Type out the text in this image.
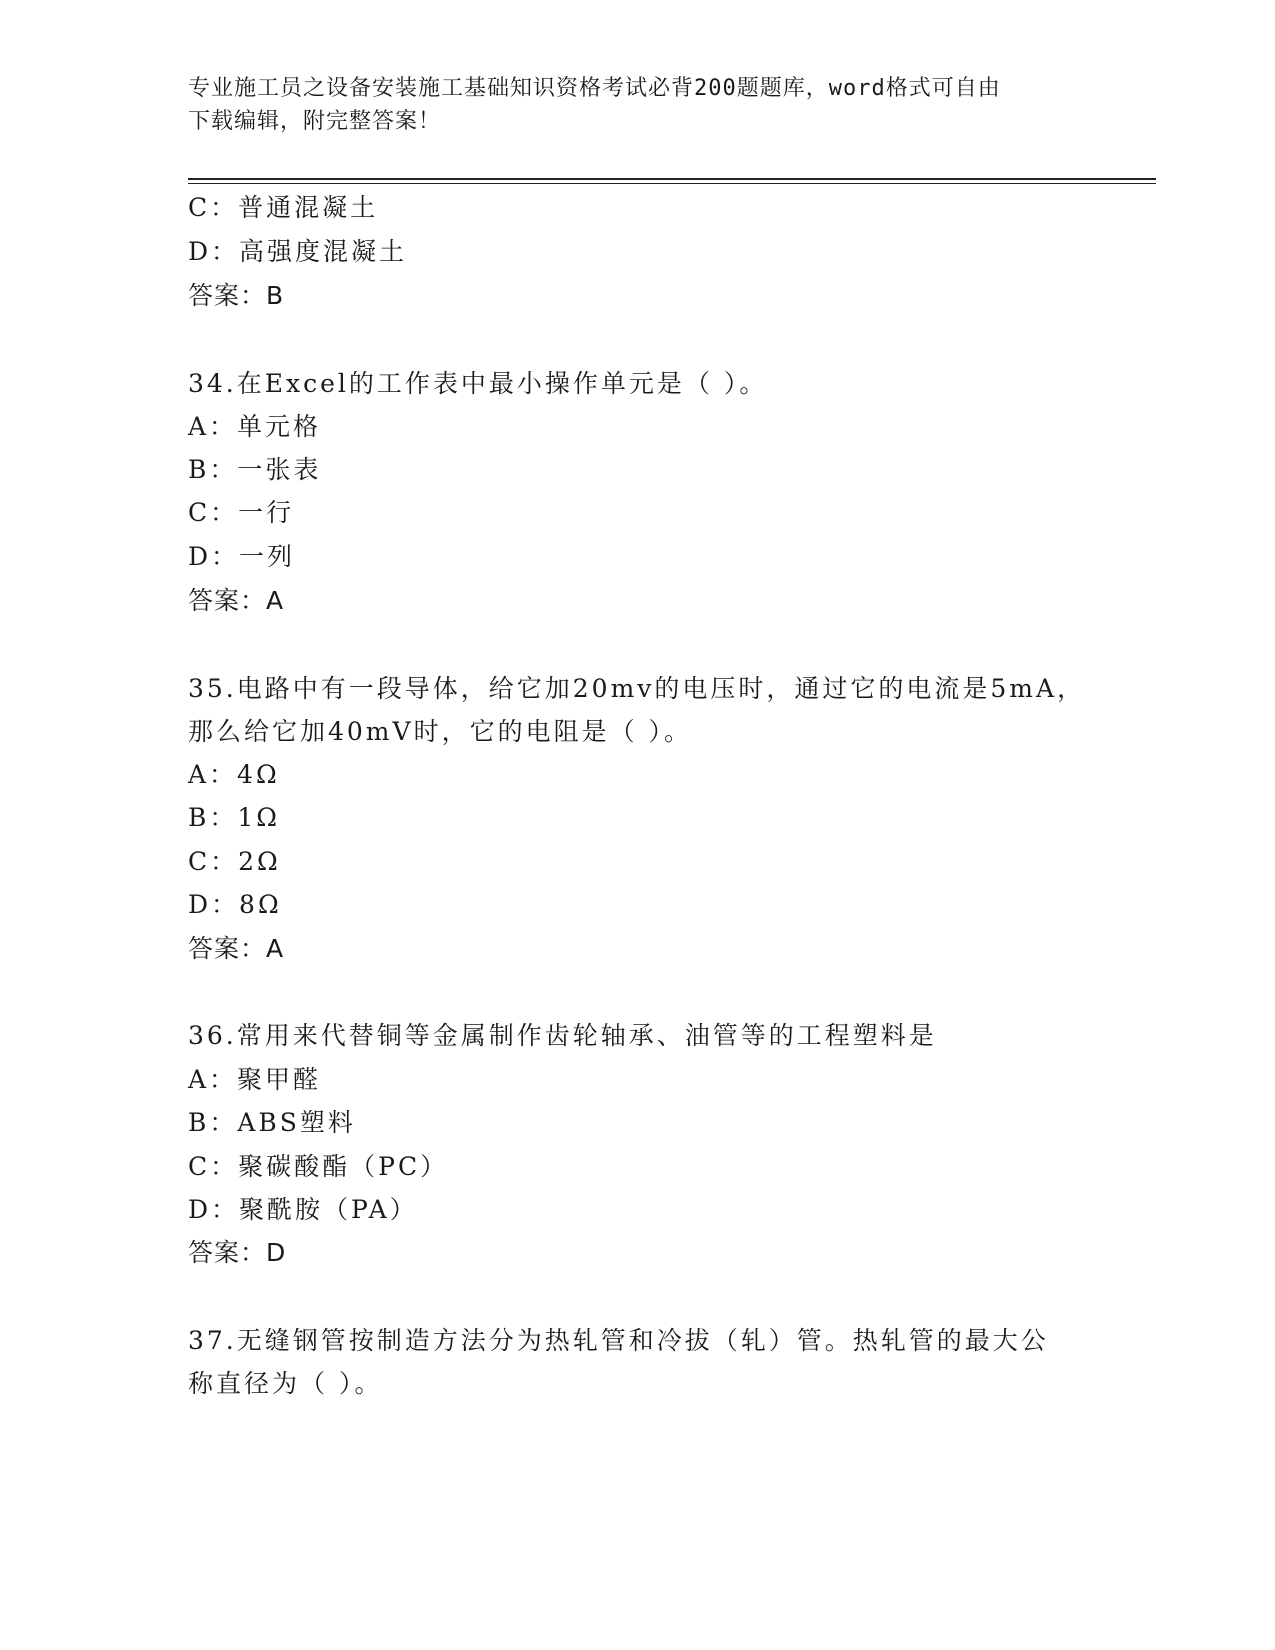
专业施工员之设备安装施工基础知识资格考试必背200题题库，word格式可自由
下载编辑，附完整答案！
C：普通混凝土
D：高强度混凝土
答案：B
34.在Excel的工作表中最小操作单元是（ ）。
A：单元格
B：一张表
C：一行
D：一列
答案：A
35.电路中有一段导体，给它加20mv的电压时，通过它的电流是5mA，
那么给它加40mV时，它的电阻是（ ）。
A：4Ω
B：1Ω
C：2Ω
D：8Ω
答案：A
36.常用来代替铜等金属制作齿轮轴承、油管等的工程塑料是
A：聚甲醛
B：ABS塑料
C：聚碳酸酯（PC）
D：聚酰胺（PA）
答案：D
37.无缝钢管按制造方法分为热轧管和冷拔（轧）管。热轧管的最大公
称直径为（ ）。
